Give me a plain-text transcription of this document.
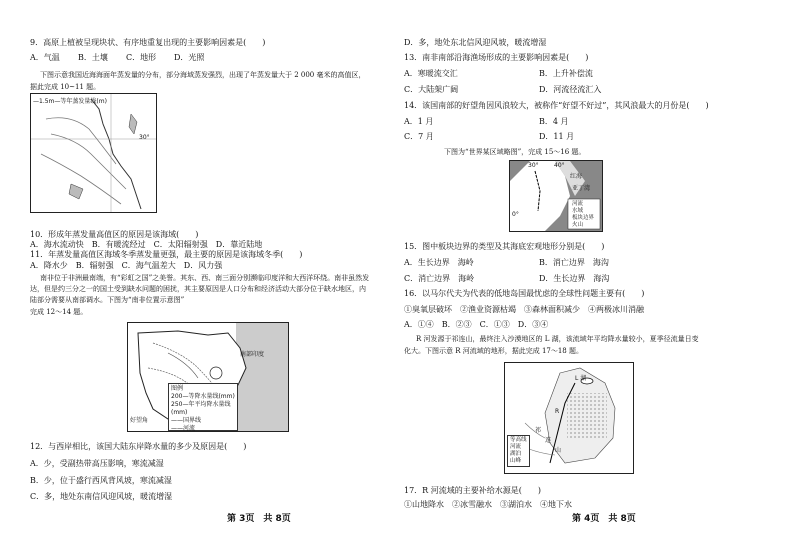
9．高原上植被呈现块状、有序地重复出现的主要影响因素是(　　)
A．气温 B．土壤 C．地形 D．光照
下图示意我国近海海面年蒸发量的分布，部分海域蒸发强烈，出现了年蒸发量大于 2 000 毫米的高值区，
据此完成 10~11 题。
—1.5m—等年蒸发量线(m)
30°
10．形成年蒸发量高值区的原因是该海域(　　)
A．海水流动快　B．有暖流经过　C．太阳辐射强　D．靠近陆地
11．年蒸发量高值区海域冬季蒸发量更强，最主要的原因是该海域冬季(　　)
A．降水少　B．辐射强　C．海气温差大　D．风力强
南非位于非洲最南端，有“彩虹之国”之美誉。其东、西、南三面分别濒临印度洋和大西洋环绕。南非虽然发
达，但是约三分之一的国土受到缺水问题的困扰，其主要原因是人口分布和经济活动大部分位于缺水地区，内
陆部分需要从南部调水。下图为“南非位置示意图”
完成 12～14 题。
南部印度
好望角
图例
200—等降水量线(mm)
250—年平均降水量线(mm)
——国界线
——河流
12．与西岸相比，该国大陆东岸降水量的多少及原因是(　　)
A．少，受副热带高压影响，寒流减湿
B．少，位于盛行西风背风坡，寒流减湿
C．多，地处东南信风迎风坡，暖流增湿
第 3页　共 8页
D．多，地处东北信风迎风坡，暖流增湿
13．南非南部沿海渔场形成的主要影响因素是(　　)
A．寒暖流交汇	B．上升补偿流
C．大陆架广阔	D．河流径流汇入
14．该国南部的好望角因风浪较大，被称作“好望不好过”，其风浪最大的月份是(　　)
A．1 月	B．4 月
C．7 月	D．11 月
下图为“世界某区域略图”，完成 15～16 题。
30°	40°
0°
红海
亚丁湾
河流
水域
板块边界
火山
15．图中板块边界的类型及其海底宏观地形分别是(　　)
A．生长边界　海岭	B．消亡边界　海沟
C．消亡边界　海岭	D．生长边界　海沟
16．以马尔代夫为代表的低地岛国最忧虑的全球性问题主要有(　　)
①臭氧层破坏　②渔业资源枯竭　③森林面积减少　④两极冰川消融
A．①④　B．②③　C．①③　D．③④
R 河发源于祁连山，最终注入沙漠地区的 L 湖，该流域年平均降水量较小，夏季径流量日变
化大。下图示意 R 河流域的地形，据此完成 17～18 题。
L 湖
祁
连
山
R
等高线
河流
湖泊
山峰
17．R 河流域的主要补给水源是(　　)
①山地降水　②冰雪融水　③湖泊水　④地下水
第 4页　共 8页
